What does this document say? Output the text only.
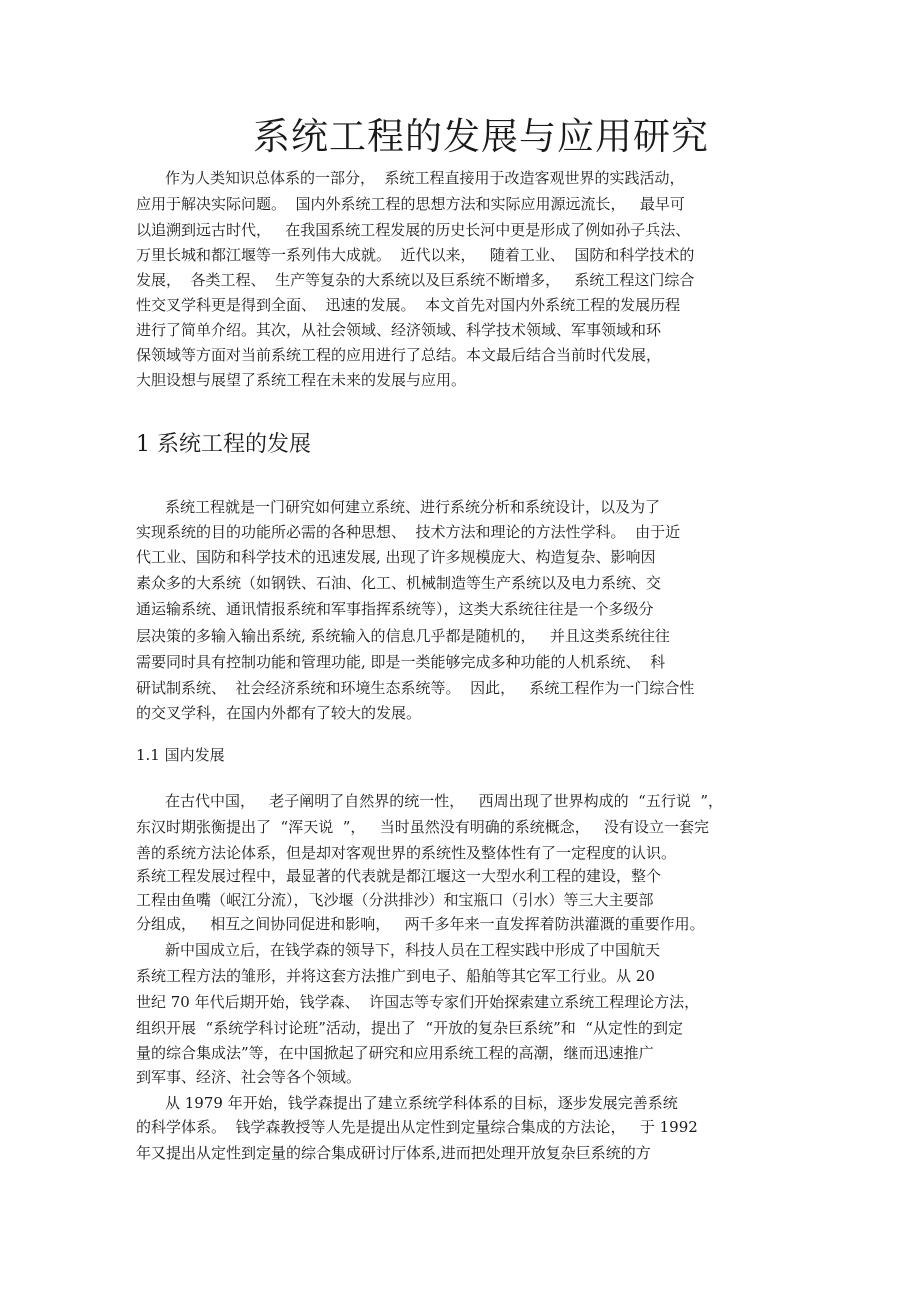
系统工程的发展与应用研究
作为人类知识总体系的一部分，  系统工程直接用于改造客观世界的实践活动，
应用于解决实际问题。  国内外系统工程的思想方法和实际应用源远流长，   最早可
以追溯到远古时代，   在我国系统工程发展的历史长河中更是形成了例如孙子兵法、
万里长城和都江堰等一系列伟大成就。  近代以来，   随着工业、  国防和科学技术的
发展，  各类工程、  生产等复杂的大系统以及巨系统不断增多，   系统工程这门综合
性交叉学科更是得到全面、  迅速的发展。  本文首先对国内外系统工程的发展历程
进行了简单介绍。其次，从社会领域、经济领域、科学技术领域、军事领域和环
保领域等方面对当前系统工程的应用进行了总结。本文最后结合当前时代发展，
大胆设想与展望了系统工程在未来的发展与应用。
1 系统工程的发展
系统工程就是一门研究如何建立系统、进行系统分析和系统设计，以及为了
实现系统的目的功能所必需的各种思想、  技术方法和理论的方法性学科。  由于近
代工业、国防和科学技术的迅速发展, 出现了许多规模庞大、构造复杂、影响因
素众多的大系统（如钢铁、石油、化工、机械制造等生产系统以及电力系统、交
通运输系统、通讯情报系统和军事指挥系统等），这类大系统往往是一个多级分
层决策的多输入输出系统, 系统输入的信息几乎都是随机的，   并且这类系统往往
需要同时具有控制功能和管理功能, 即是一类能够完成多种功能的人机系统、  科
研试制系统、  社会经济系统和环境生态系统等。  因此，   系统工程作为一门综合性
的交叉学科，在国内外都有了较大的发展。
1.1 国内发展
在古代中国，   老子阐明了自然界的统一性，   西周出现了世界构成的  “五行说  ”，
东汉时期张衡提出了  “浑天说  ”，   当时虽然没有明确的系统概念，   没有设立一套完
善的系统方法论体系，但是却对客观世界的系统性及整体性有了一定程度的认识。
系统工程发展过程中，最显著的代表就是都江堰这一大型水利工程的建设，整个
工程由鱼嘴（岷江分流），飞沙堰（分洪排沙）和宝瓶口（引水）等三大主要部
分组成，   相互之间协同促进和影响，   两千多年来一直发挥着防洪灌溉的重要作用。
新中国成立后，在钱学森的领导下，科技人员在工程实践中形成了中国航天
系统工程方法的雏形，并将这套方法推广到电子、船舶等其它军工行业。从 20
世纪 70 年代后期开始，钱学森、  许国志等专家们开始探索建立系统工程理论方法，
组织开展  “系统学科讨论班”活动，提出了  “开放的复杂巨系统”和  “从定性的到定
量的综合集成法”等，在中国掀起了研究和应用系统工程的高潮，继而迅速推广
到军事、经济、社会等各个领域。
从 1979 年开始，钱学森提出了建立系统学科体系的目标，逐步发展完善系统
的科学体系。  钱学森教授等人先是提出从定性到定量综合集成的方法论，   于 1992
年又提出从定性到定量的综合集成研讨厅体系,进而把处理开放复杂巨系统的方
